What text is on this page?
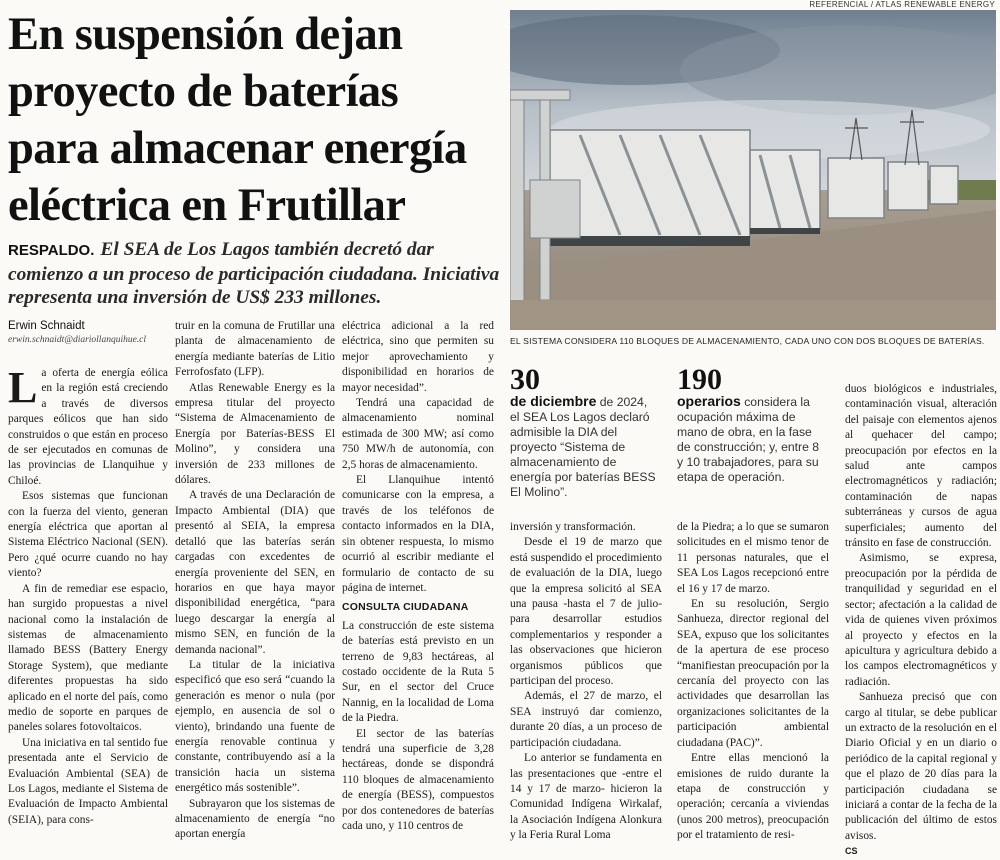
En suspensión dejan
proyecto de baterías
para almacenar energía
eléctrica en Frutillar

RESPALDO. El SEA de Los Lagos también decretó dar comienzo a un proceso de participación ciudadana. Iniciativa representa una inversión de US$ 233 millones.

REFERENCIAL / ATLAS RENEWABLE ENERGY
EL SISTEMA CONSIDERA 110 BLOQUES DE ALMACENAMIENTO, CADA UNO CON DOS BLOQUES DE BATERÍAS.
Erwin Schnaidt
erwin.schnaidt@diariollanquihue.cl

La oferta de energía eólica en la región está creciendo a través de diversos parques eólicos que han sido construidos o que están en proceso de ser ejecutados en comunas de las provincias de Llanquihue y Chiloé.

Esos sistemas que funcionan con la fuerza del viento, generan energía eléctrica que aportan al Sistema Eléctrico Nacional (SEN). Pero ¿qué ocurre cuando no hay viento?

A fin de remediar ese espacio, han surgido propuestas a nivel nacional como la instalación de sistemas de almacenamiento llamado BESS (Battery Energy Storage System), que mediante diferentes propuestas ha sido aplicado en el norte del país, como medio de soporte en parques de paneles solares fotovoltaicos.

Una iniciativa en tal sentido fue presentada ante el Servicio de Evaluación Ambiental (SEA) de Los Lagos, mediante el Sistema de Evaluación de Impacto Ambiental (SEIA), para cons-

truir en la comuna de Frutillar una planta de almacenamiento de energía mediante baterías de Litio Ferrofosfato (LFP).

Atlas Renewable Energy es la empresa titular del proyecto “Sistema de Almacenamiento de Energía por Baterías-BESS El Molino”, y considera una inversión de 233 millones de dólares.

A través de una Declaración de Impacto Ambiental (DIA) que presentó al SEIA, la empresa detalló que las baterías serán cargadas con excedentes de energía proveniente del SEN, en horarios en que haya mayor disponibilidad energética, “para luego descargar la energía al mismo SEN, en función de la demanda nacional”.

La titular de la iniciativa especificó que eso será “cuando la generación es menor o nula (por ejemplo, en ausencia de sol o viento), brindando una fuente de energía renovable continua y constante, contribuyendo así a la transición hacia un sistema energético más sostenible”.

Subrayaron que los sistemas de almacenamiento de energía “no aportan energía

eléctrica adicional a la red eléctrica, sino que permiten su mejor aprovechamiento y disponibilidad en horarios de mayor necesidad”.

Tendrá una capacidad de almacenamiento nominal estimada de 300 MW; así como 750 MW/h de autonomía, con 2,5 horas de almacenamiento.

El Llanquihue intentó comunicarse con la empresa, a través de los teléfonos de contacto informados en la DIA, sin obtener respuesta, lo mismo ocurrió al escribir mediante el formulario de contacto de su página de internet.

CONSULTA CIUDADANA

La construcción de este sistema de baterías está previsto en un terreno de 9,83 hectáreas, al costado occidente de la Ruta 5 Sur, en el sector del Cruce Nannig, en la localidad de Loma de la Piedra.

El sector de las baterías tendrá una superficie de 3,28 hectáreas, donde se dispondrá 110 bloques de almacenamiento de energía (BESS), compuestos por dos contenedores de baterías cada uno, y 110 centros de

30
de diciembre de 2024, el SEA Los Lagos declaró admisible la DIA del proyecto “Sistema de almacenamiento de energía por baterías BESS El Molino”.
190
operarios considera la ocupación máxima de mano de obra, en la fase de construcción; y, entre 8 y 10 trabajadores, para su etapa de operación.

inversión y transformación.

Desde el 19 de marzo que está suspendido el procedimiento de evaluación de la DIA, luego que la empresa solicitó al SEA una pausa -hasta el 7 de julio- para desarrollar estudios complementarios y responder a las observaciones que hicieron organismos públicos que participan del proceso.

Además, el 27 de marzo, el SEA instruyó dar comienzo, durante 20 días, a un proceso de participación ciudadana.

Lo anterior se fundamenta en las presentaciones que -entre el 14 y 17 de marzo- hicieron la Comunidad Indígena Wirkalaf, la Asociación Indígena Alonkura y la Feria Rural Loma

de la Piedra; a lo que se sumaron solicitudes en el mismo tenor de 11 personas naturales, que el SEA Los Lagos recepcionó entre el 16 y 17 de marzo.

En su resolución, Sergio Sanhueza, director regional del SEA, expuso que los solicitantes de la apertura de ese proceso “manifiestan preocupación por la cercanía del proyecto con las actividades que desarrollan las organizaciones solicitantes de la participación ambiental ciudadana (PAC)”.

Entre ellas mencionó la emisiones de ruido durante la etapa de construcción y operación; cercanía a viviendas (unos 200 metros), preocupación por el tratamiento de resi-

duos biológicos e industriales, contaminación visual, alteración del paisaje con elementos ajenos al quehacer del campo; preocupación por efectos en la salud ante campos electromagnéticos y radiación; contaminación de napas subterráneas y cursos de agua superficiales; aumento del tránsito en fase de construcción.

Asimismo, se expresa, preocupación por la pérdida de tranquilidad y seguridad en el sector; afectación a la calidad de vida de quienes viven próximos al proyecto y efectos en la apicultura y agricultura debido a los campos electromagnéticos y radiación.

Sanhueza precisó que con cargo al titular, se debe publicar un extracto de la resolución en el Diario Oficial y en un diario o periódico de la capital regional y que el plazo de 20 días para la participación ciudadana se iniciará a contar de la fecha de la publicación del último de estos avisos.

CS
